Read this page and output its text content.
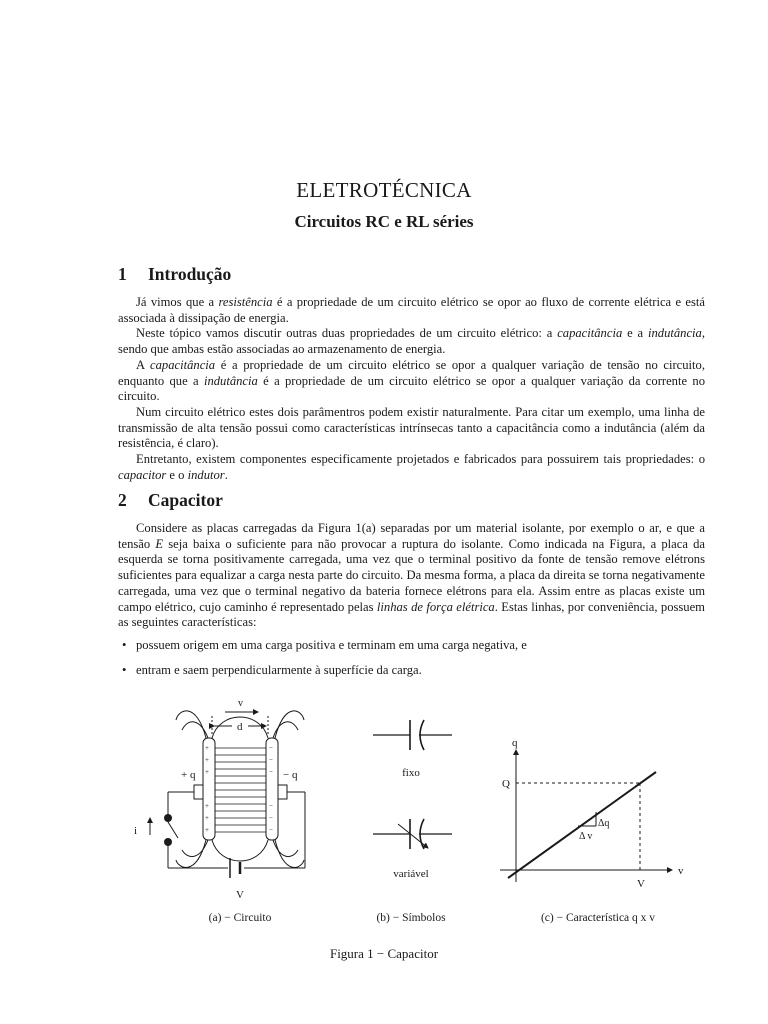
ELETROTÉCNICA
Circuitos RC e RL séries
1 Introdução

Já vimos que a resistência é a propriedade de um circuito elétrico se opor ao fluxo de corrente elétrica e está associada à dissipação de energia.

Neste tópico vamos discutir outras duas propriedades de um circuito elétrico: a capacitância e a indutância, sendo que ambas estão associadas ao armazenamento de energia.

A capacitância é a propriedade de um circuito elétrico se opor a qualquer variação de tensão no circuito, enquanto que a indutância é a propriedade de um circuito elétrico se opor a qualquer variação da corrente no circuito.

Num circuito elétrico estes dois parâmentros podem existir naturalmente. Para citar um exemplo, uma linha de transmissão de alta tensão possui como características intrínsecas tanto a capacitância como a indutância (além da resistência, é claro).

Entretanto, existem componentes especificamente projetados e fabricados para possuirem tais propriedades: o capacitor e o indutor.

2 Capacitor

Considere as placas carregadas da Figura 1(a) separadas por um material isolante, por exemplo o ar, e que a tensão E seja baixa o suficiente para não provocar a ruptura do isolante. Como indicada na Figura, a placa da esquerda se torna positivamente carregada, uma vez que o terminal positivo da fonte de tensão remove elétrons suficientes para equalizar a carga nesta parte do circuito. Da mesma forma, a placa da direita se torna negativamente carregada, uma vez que o terminal negativo da bateria fornece elétrons para ela. Assim entre as placas existe um campo elétrico, cujo caminho é representado pelas linhas de força elétrica. Estas linhas, por conveniência, possuem as seguintes características:

• possuem origem em uma carga positiva e terminam em uma carga negativa, e
• entram e saem perpendicularmente à superfície da carga.
v
d
+ q	− q
i
V
+
+
+
+
+
+
−
−
−
−
−
−
(a) − Circuito
fixo
variável
(b) − Símbolos
q
v
Q
V
Δq
Δ v
(c) − Característica q x v
Figura 1 − Capacitor
